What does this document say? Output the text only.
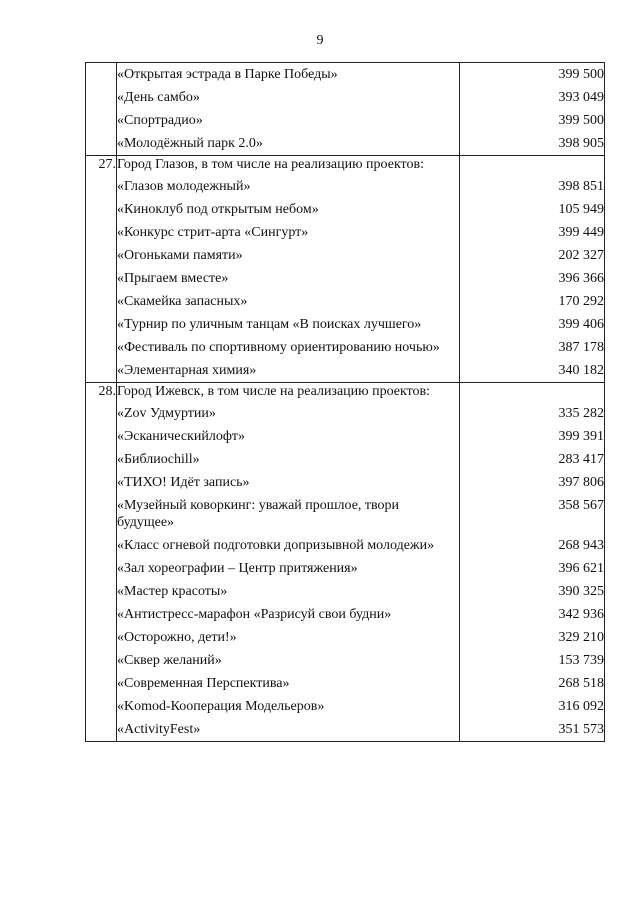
9
	«Открытая эстрада в Парке Победы»	399 500
	«День самбо»	393 049
	«Спортрадио»	399 500
	«Молодёжный парк 2.0»	398 905
27.	Город Глазов, в том числе на реализацию проектов:	
	«Глазов молодежный»	398 851
	«Киноклуб под открытым небом»	105 949
	«Конкурс стрит-арта «Сингурт»	399 449
	«Огоньками памяти»	202 327
	«Прыгаем вместе»	396 366
	«Скамейка запасных»	170 292
	«Турнир по уличным танцам «В поисках лучшего»	399 406
	«Фестиваль по спортивному ориентированию ночью»	387 178
	«Элементарная химия»	340 182
28.	Город Ижевск, в том числе на реализацию проектов:	
	«Zov Удмуртии»	335 282
	«Эсканическийлофт»	399 391
	«Библиоchill»	283 417
	«ТИХО! Идёт запись»	397 806
	«Музейный коворкинг: уважай прошлое, твори будущее»	358 567
	«Класс огневой подготовки допризывной молодежи»	268 943
	«Зал хореографии – Центр притяжения»	396 621
	«Мастер красоты»	390 325
	«Антистресс-марафон «Разрисуй свои будни»	342 936
	«Осторожно, дети!»	329 210
	«Сквер желаний»	153 739
	«Современная Перспектива»	268 518
	«Komod-Кооперация Модельеров»	316 092
	«ActivityFest»	351 573
